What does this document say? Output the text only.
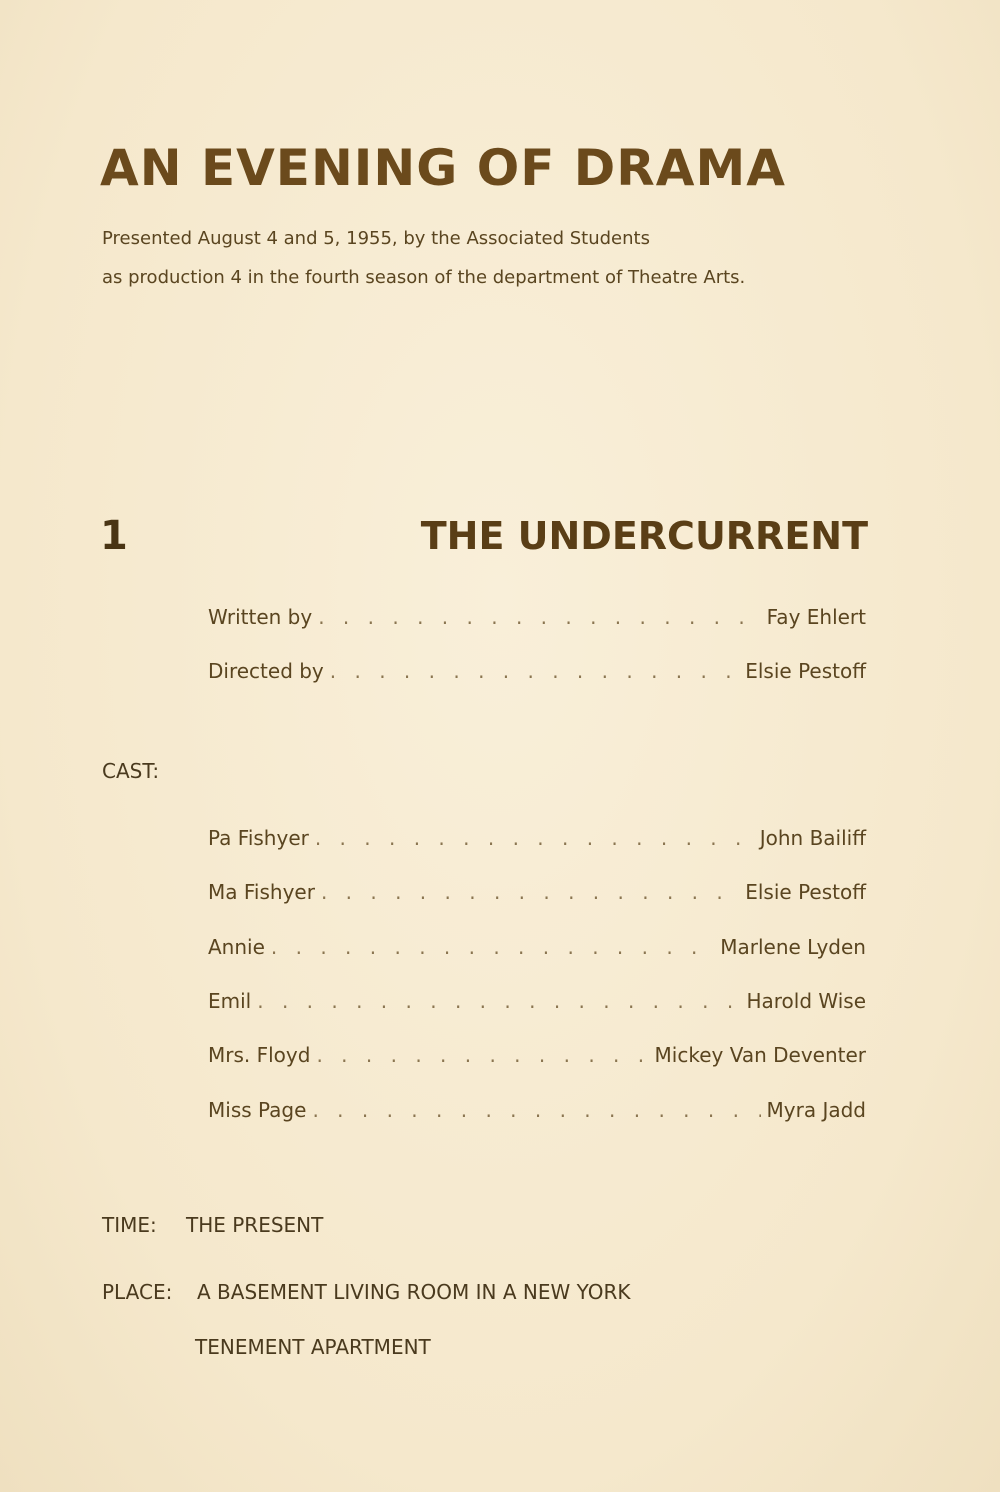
AN EVENING OF DRAMA
Presented August 4 and 5, 1955, by the Associated Students
as production 4 in the fourth season of the department of Theatre Arts.
1	THE UNDERCURRENT
Written by . . .	Fay Ehlert
Directed by . . .	Elsie Pestoff
CAST:
Pa Fishyer . . .	John Bailiff
Ma Fishyer . . .	Elsie Pestoff
Annie . . .	Marlene Lyden
Emil . . .	Harold Wise
Mrs. Floyd . . .	Mickey Van Deventer
Miss Page . . .	Myra Jadd
TIME: THE PRESENT
PLACE: A BASEMENT LIVING ROOM IN A NEW YORK
TENEMENT APARTMENT
